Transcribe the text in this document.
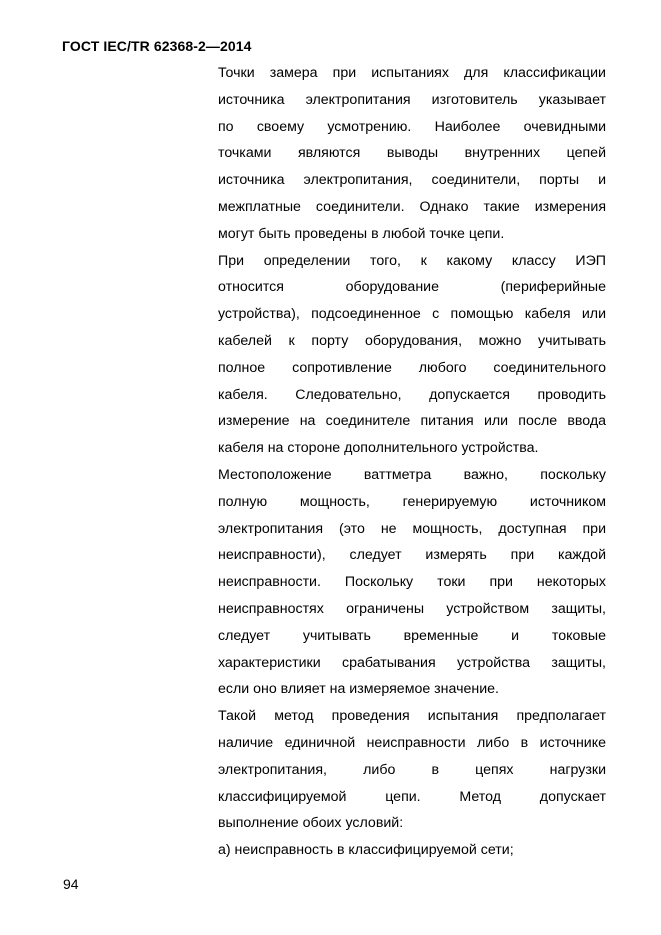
ГОСТ IEC/TR 62368-2—2014
Точки замера при испытаниях для классификации
источника электропитания изготовитель указывает
по своему усмотрению. Наиболее очевидными
точками являются выводы внутренних цепей
источника электропитания, соединители, порты и
межплатные соединители. Однако такие измерения
могут быть проведены в любой точке цепи.
При определении того, к какому классу ИЭП
относится оборудование (периферийные
устройства), подсоединенное с помощью кабеля или
кабелей к порту оборудования, можно учитывать
полное сопротивление любого соединительного
кабеля. Следовательно, допускается проводить
измерение на соединителе питания или после ввода
кабеля на стороне дополнительного устройства.
Местоположение ваттметра важно, поскольку
полную мощность, генерируемую источником
электропитания (это не мощность, доступная при
неисправности), следует измерять при каждой
неисправности. Поскольку токи при некоторых
неисправностях ограничены устройством защиты,
следует учитывать временные и токовые
характеристики срабатывания устройства защиты,
если оно влияет на измеряемое значение.
Такой метод проведения испытания предполагает
наличие единичной неисправности либо в источнике
электропитания, либо в цепях нагрузки
классифицируемой цепи. Метод допускает
выполнение обоих условий:
а) неисправность в классифицируемой сети;
94
